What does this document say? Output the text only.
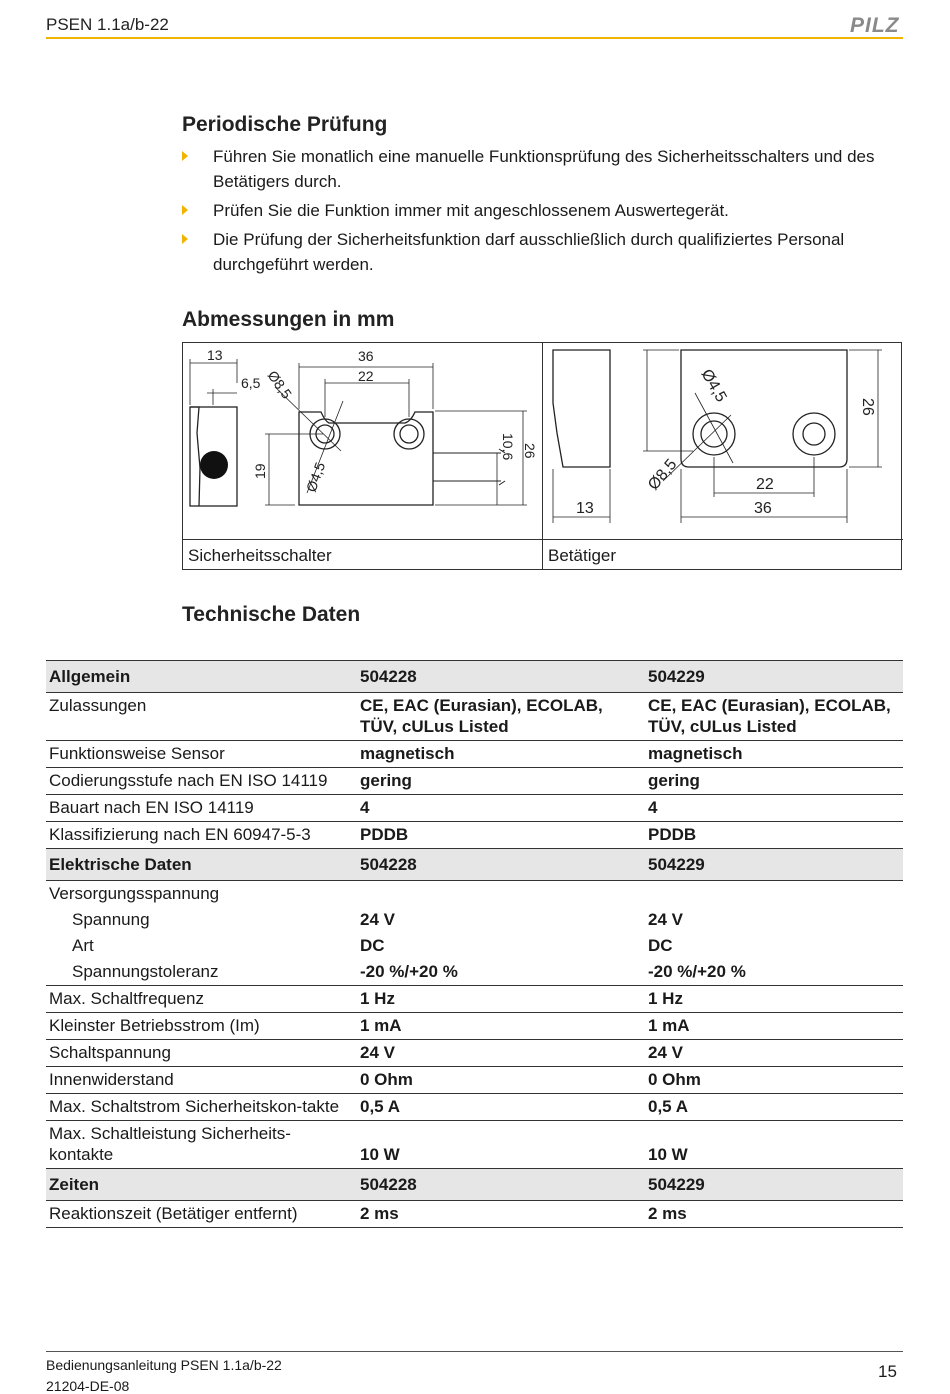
PSEN 1.1a/b-22	PILZ
Periodische Prüfung
Führen Sie monatlich eine manuelle Funktionsprüfung des Sicherheitsschalters und des Betätigers durch.
Prüfen Sie die Funktion immer mit angeschlossenem Auswertegerät.
Die Prüfung der Sicherheitsfunktion darf ausschließlich durch qualifiziertes Personal durchgeführt werden.
Abmessungen in mm
13
6,5 Ø8,5
36
22
19 Ø4,5
10,6 26
13
Ø4,5
Ø8,5	22
36
26
Sicherheitsschalter	Betätiger
Technische Daten
Allgemein	504228	504229
Zulassungen	CE, EAC (Eurasian), ECOLAB, TÜV, cULus Listed	CE, EAC (Eurasian), ECOLAB, TÜV, cULus Listed
Funktionsweise Sensor	magnetisch	magnetisch
Codierungsstufe nach EN ISO 14119	gering	gering
Bauart nach EN ISO 14119	4	4
Klassifizierung nach EN 60947-5-3	PDDB	PDDB
Elektrische Daten	504228	504229
Versorgungsspannung		
Spannung	24 V	24 V
Art	DC	DC
Spannungstoleranz	-20 %/+20 %	-20 %/+20 %
Max. Schaltfrequenz	1 Hz	1 Hz
Kleinster Betriebsstrom (Im)	1 mA	1 mA
Schaltspannung	24 V	24 V
Innenwiderstand	0 Ohm	0 Ohm
Max. Schaltstrom Sicherheitskon-takte	0,5 A	0,5 A
Max. Schaltleistung Sicherheits-kontakte	10 W	10 W
Zeiten	504228	504229
Reaktionszeit (Betätiger entfernt)	2 ms	2 ms
Bedienungsanleitung PSEN 1.1a/b-22
21204-DE-08
15
